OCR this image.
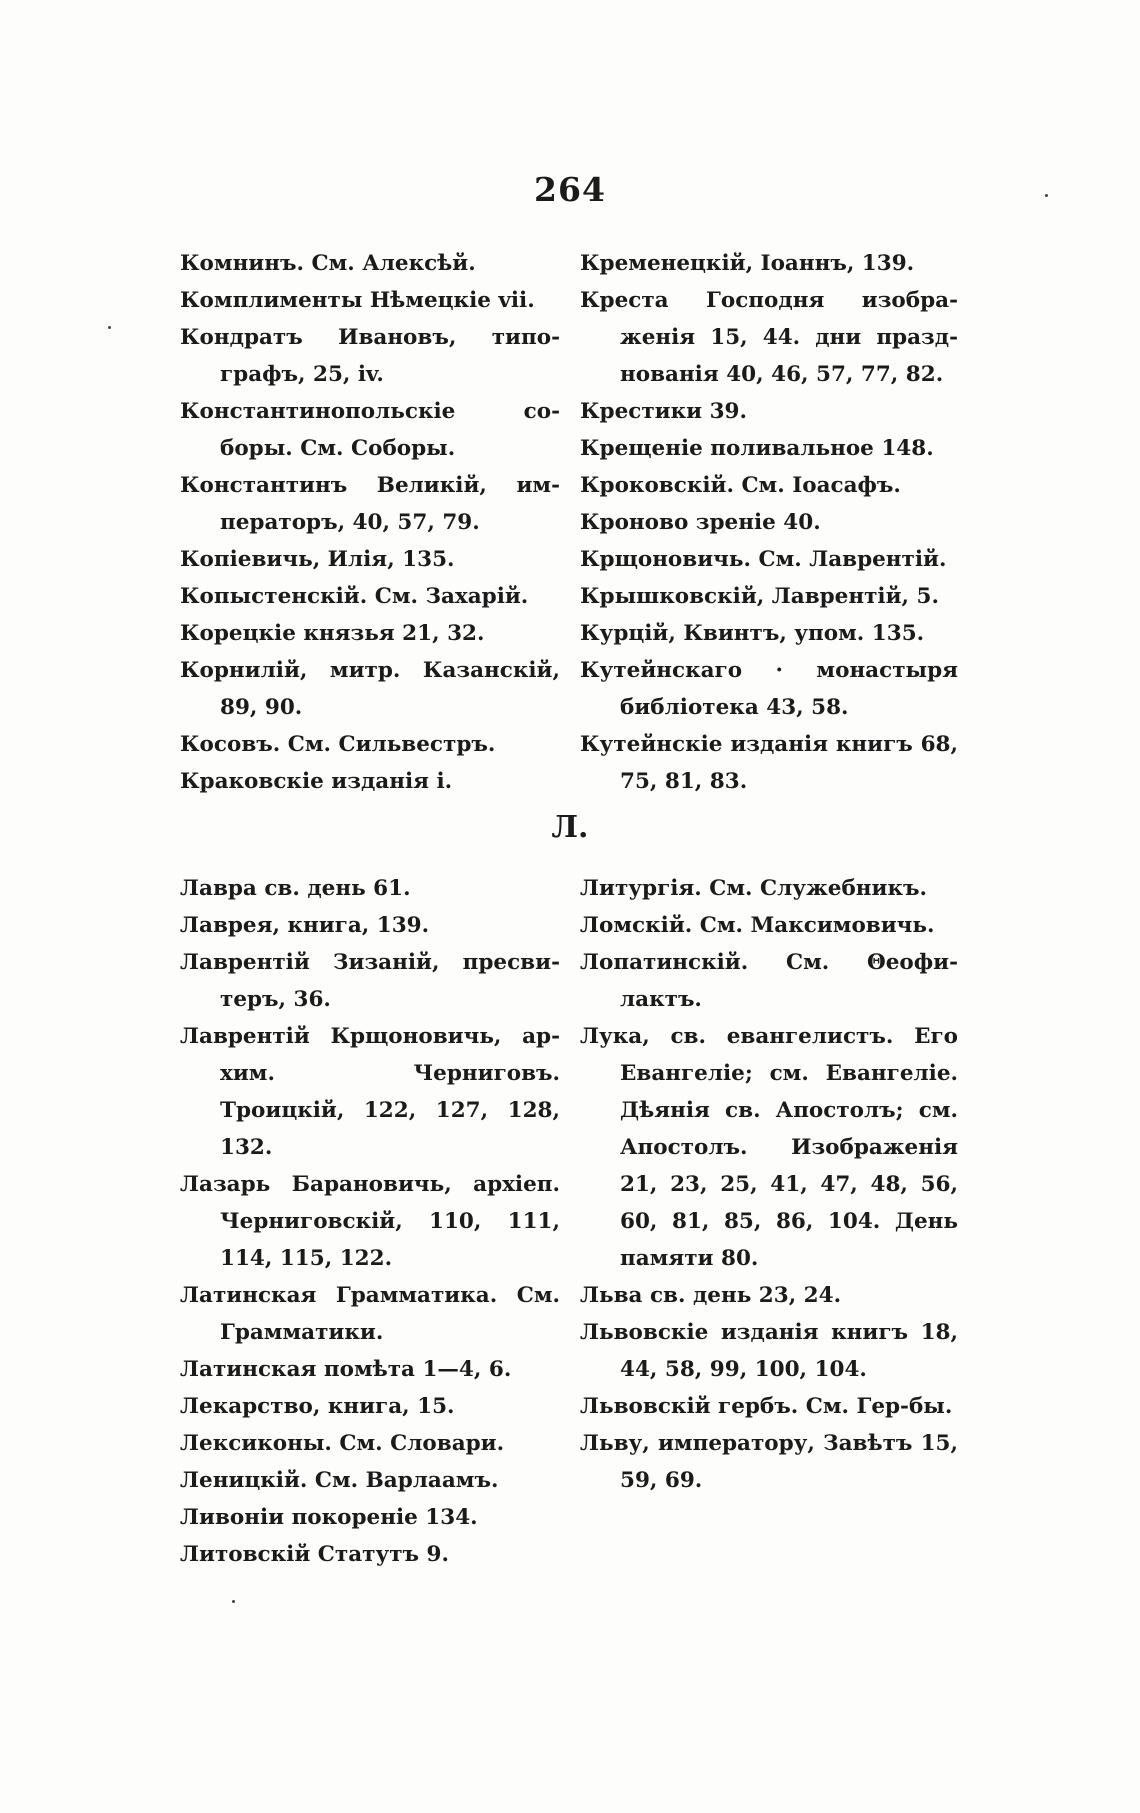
264
Комнинъ. См. Алексѣй.
Комплименты Нѣмецкіе vii.
Кондратъ Ивановъ, типо-графъ, 25, iv.
Константинопольскіе со-боры. См. Соборы.
Константинъ Великій, им-ператоръ, 40, 57, 79.
Копіевичь, Илія, 135.
Копыстенскій. См. Захарій.
Корецкіе князья 21, 32.
Корнилій, митр. Казанскій, 89, 90.
Косовъ. См. Сильвестръ.
Краковскіе изданія i.
Кременецкій, Іоаннъ, 139.
Креста Господня изобра-женія 15, 44. дни празд-нованія 40, 46, 57, 77, 82.
Крестики 39.
Крещеніе поливальное 148.
Кроковскій. См. Іоасафъ.
Кроново зреніе 40.
Крщоновичь. См. Лаврентій.
Крышковскій, Лаврентій, 5.
Курцій, Квинтъ, упом. 135.
Кутейнскаго · монастыря библіотека 43, 58.
Кутейнскіе изданія книгъ 68, 75, 81, 83.
Л.
Лавра св. день 61.
Лаврея, книга, 139.
Лаврентій Зизаній, пресви-теръ, 36.
Лаврентій Крщоновичь, ар-хим. Черниговъ. Троицкій, 122, 127, 128, 132.
Лазарь Барановичь, архіеп. Черниговскій, 110, 111, 114, 115, 122.
Латинская Грамматика. См. Грамматики.
Латинская помѣта 1—4, 6.
Лекарство, книга, 15.
Лексиконы. См. Словари.
Леницкій. См. Варлаамъ.
Ливоніи покореніе 134.
Литовскій Статутъ 9.
Литургія. См. Служебникъ.
Ломскій. См. Максимовичь.
Лопатинскій. См. Θеофи-лактъ.
Лука, св. евангелистъ. Его Евангеліе; см. Евангеліе. Дѣянія св. Апостолъ; см. Апостолъ. Изображенія 21, 23, 25, 41, 47, 48, 56, 60, 81, 85, 86, 104. День памяти 80.
Льва св. день 23, 24.
Львовскіе изданія книгъ 18, 44, 58, 99, 100, 104.
Львовскій гербъ. См. Гер-бы.
Льву, императору, Завѣтъ 15, 59, 69.
